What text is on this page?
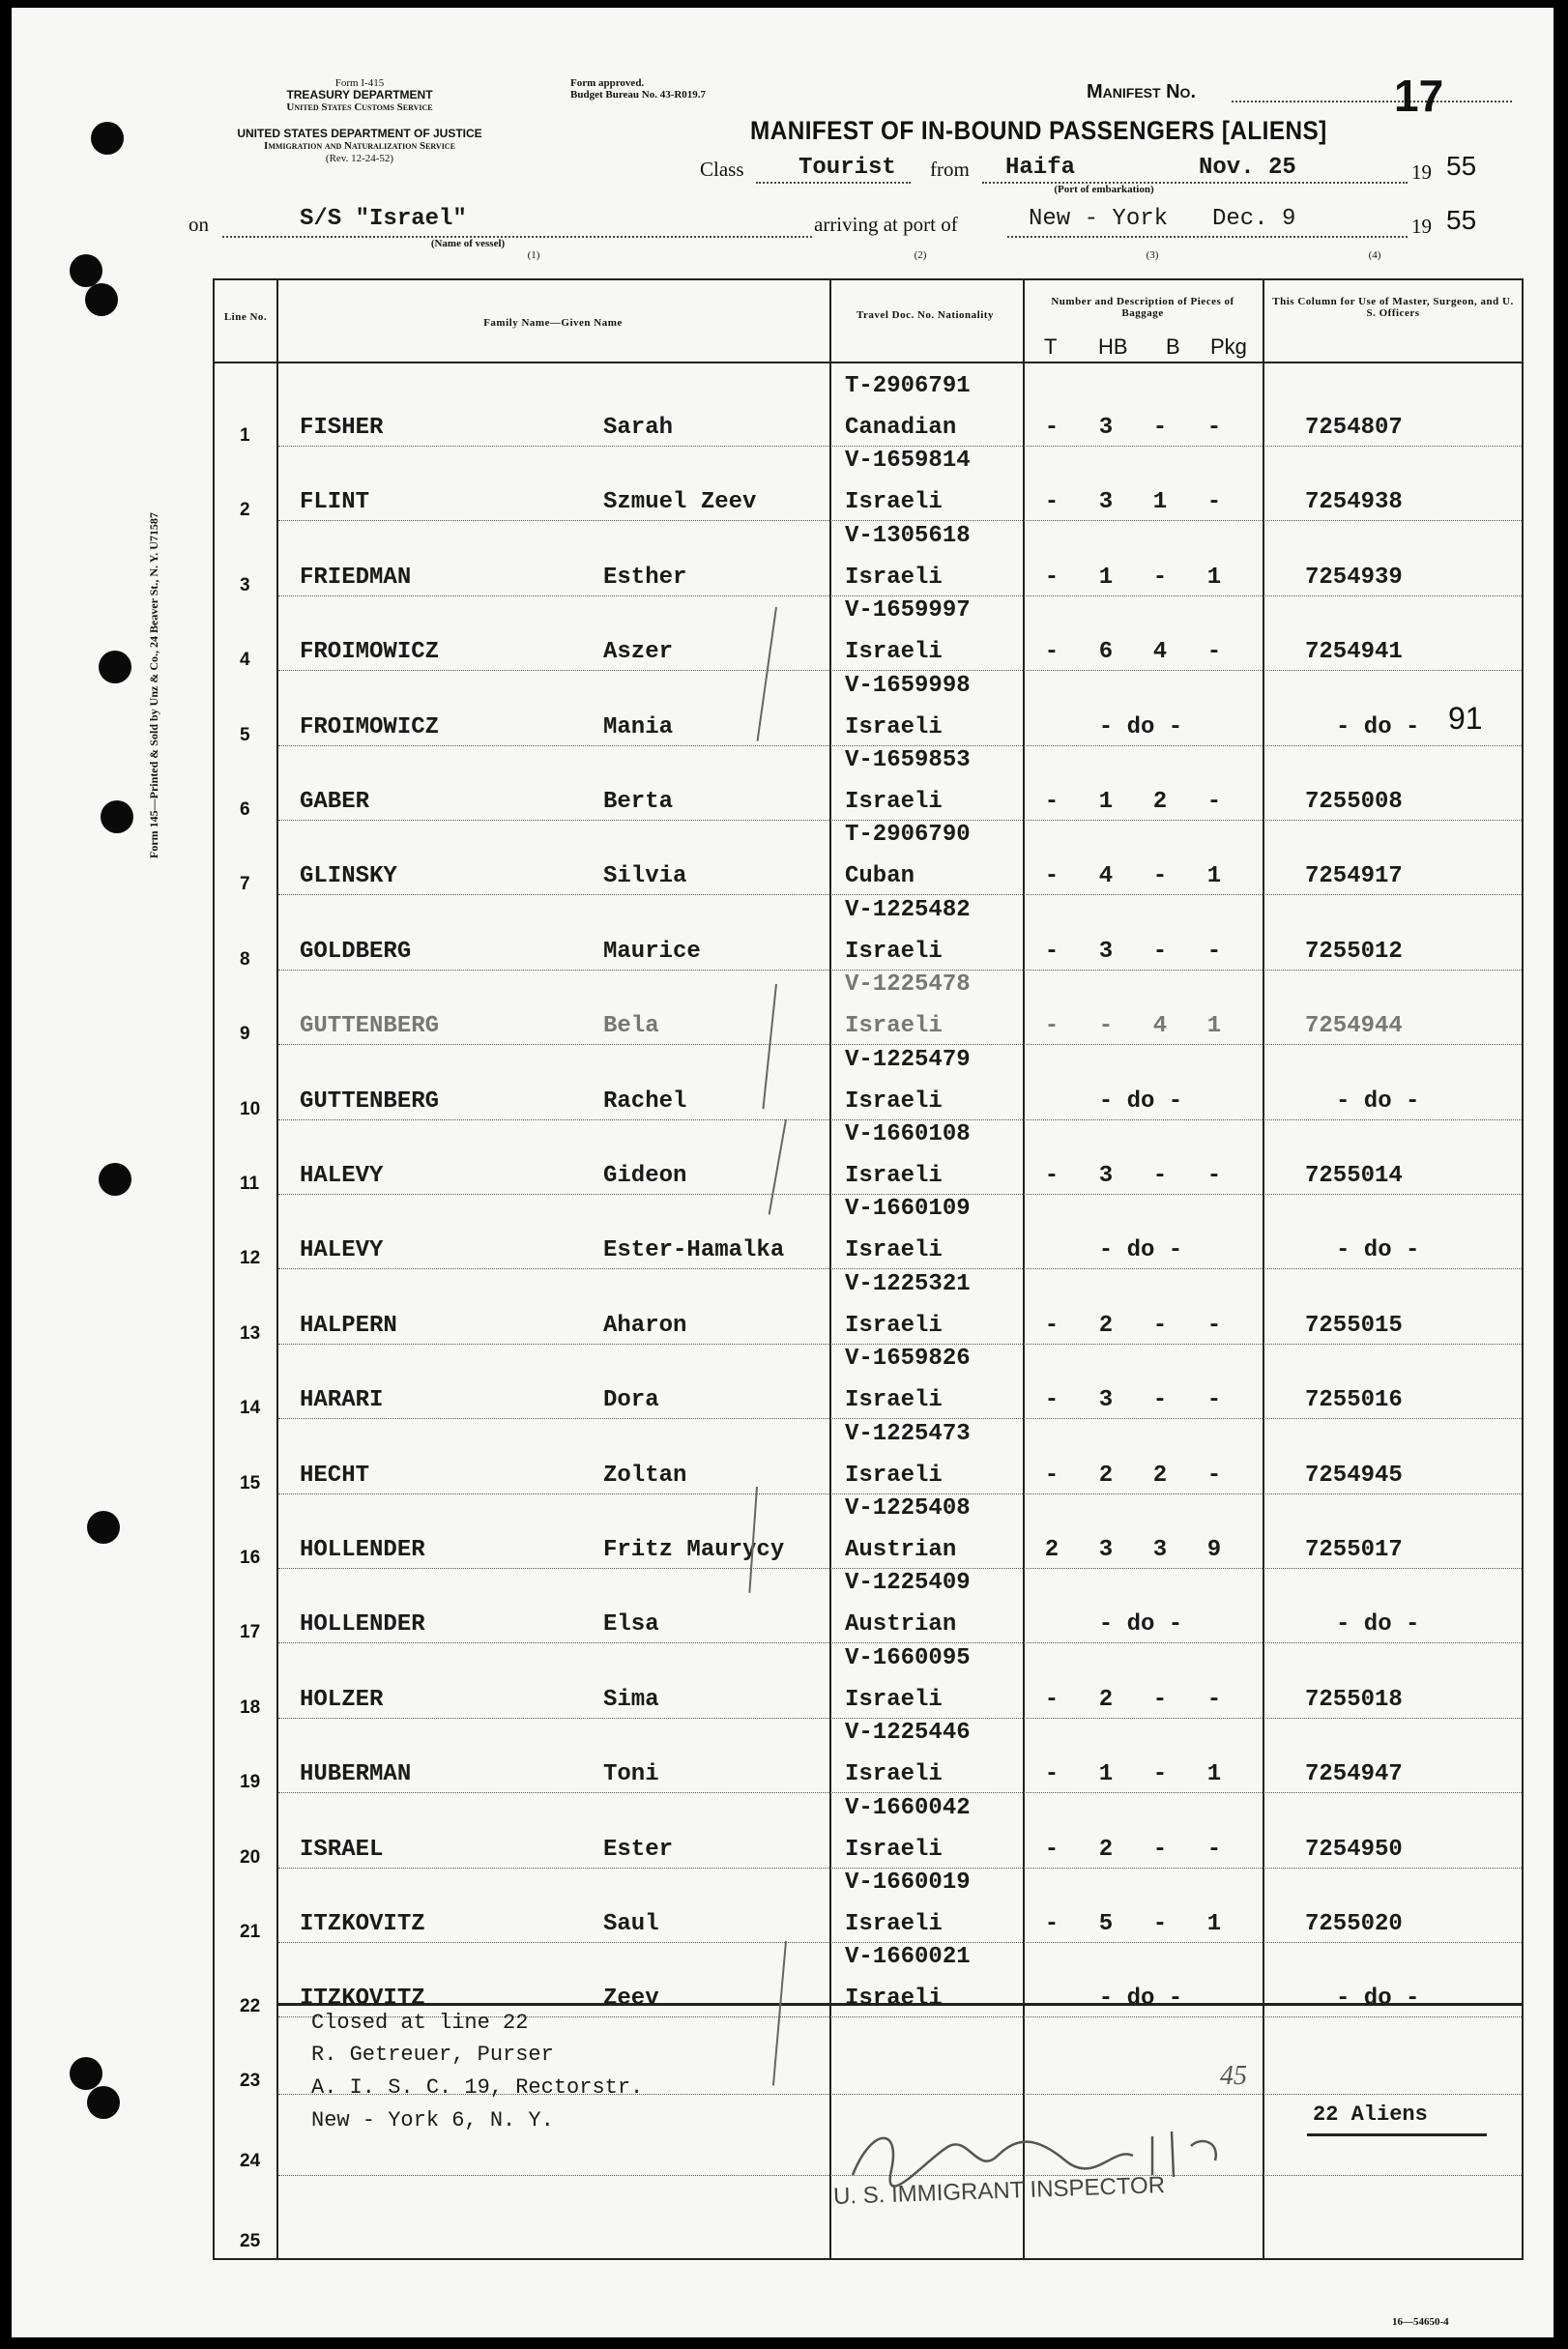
Form 145—Printed & Sold by Unz & Co., 24 Beaver St., N. Y. U71587
Form I-415
TREASURY DEPARTMENT
United States Customs Service
UNITED STATES DEPARTMENT OF JUSTICE
Immigration and Naturalization Service
(Rev. 12-24-52)
Form approved.
Budget Bureau No. 43-R019.7	Manifest No.	17
MANIFEST OF IN-BOUND PASSENGERS [ALIENS]
Class Tourist from Haifa
(Port of embarkation)
Nov. 25	19 55
on	S/S "Israel"
(Name of vessel)
(1)
arriving at port of
(2)
New - York Dec. 9
(3)
19 55
(4)
Line No.	Family Name—Given Name
Travel Doc. No. Nationality
Number and Description of Pieces of Baggage
T HB B Pkg
This Column for Use of Master, Surgeon, and U. S. Officers
1 FISHER	Sarah
T-2906791
Canadian	-	3	-	-	7254807
2 FLINT	Szmuel Zeev
V-1659814
Israeli	-	3	1	-	7254938
3 FRIEDMAN	Esther
V-1305618
Israeli	-	1	-	1	7254939
4 FROIMOWICZ	Aszer
V-1659997
Israeli	-	6	4	-	7254941
5 FROIMOWICZ	Mania
V-1659998
Israeli	- do -	- do - 91
6 GABER	Berta
V-1659853
Israeli	-	1	2	-	7255008
7 GLINSKY	Silvia
T-2906790
Cuban	-	4	-	1	7254917
8 GOLDBERG	Maurice
V-1225482
Israeli	-	3	-	-	7255012
9 GUTTENBERG	Bela
V-1225478
Israeli	-	-	4	1	7254944
10 GUTTENBERG	Rachel
V-1225479
Israeli	- do -	- do -
11 HALEVY	Gideon
V-1660108
Israeli	-	3	-	-	7255014
12 HALEVY	Ester-Hamalka
V-1660109
Israeli	- do -	- do -
13 HALPERN	Aharon
V-1225321
Israeli	-	2	-	-	7255015
14 HARARI	Dora
V-1659826
Israeli	-	3	-	-	7255016
15 HECHT	Zoltan
V-1225473
Israeli	-	2	2	-	7254945
16 HOLLENDER	Fritz Maurycy
V-1225408
Austrian	2	3	3	9	7255017
17 HOLLENDER	Elsa
V-1225409
Austrian	- do -	- do -
18 HOLZER	Sima
V-1660095
Israeli	-	2	-	-	7255018
19 HUBERMAN	Toni
V-1225446
Israeli	-	1	-	1	7254947
20 ISRAEL	Ester
V-1660042
Israeli	-	2	-	-	7254950
21 ITZKOVITZ	Saul
V-1660019
Israeli	-	5	-	1	7255020
22 ITZKOVITZ	Zeev
V-1660021
Israeli	- do -	- do -
Closed at line 22
23
R. Getreuer, Purser
A. I. S. C. 19, Rectorstr.
New - York 6, N. Y.
24
25
22 Aliens
45
U. S. IMMIGRANT INSPECTOR
16—54650-4
